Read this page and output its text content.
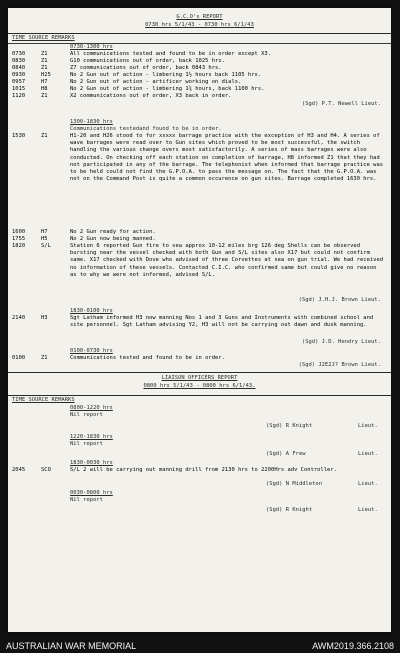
G.C.O's REPORT
0730 hrs 5/1/43 - 0730 hrs 6/1/43
TIME SOURCE REMARKS
0730-1300 hrs
0730	Z1	All communications tested and found to be in order except X3.
0830	Z1	G10 communications out of order, back 1025 hrs.
0840	Z1	Z7 communications out of order, back 0843 hrs.
0930	H25	No 2 Gun out of action - limbering 1½ hours back 1105 hrs.
0957	H7	No 2 Gun out of action - artificer working on dials.
1015	H8	No 2 Gun out of action - limbering 1¾ hours, back 1100 hrs.
1120	Z1	X2 communications out of order, X3 back in order.
(Sgd) P.T. Newell Lieut.
1300-1830 hrs
Communications testedand found to be in order.
1530	Z1	H1-20 and H26 stood to for xxxxx barrage practice with the exception of H3 and H4. A series of wave barrages were read over to Gun sites which proved to be most successful, the switch handling the various change overs most satisfactorily. A series of mass barrages were also conducted. On checking off each station on completion of barrage, H8 informed Z1 that they had not participated in any of the barrage. The telephonist when informed that barrage practice was to be held could not find the G.P.O.A. to pass the message on. The fact that the G.P.O.A. was not on the Command Post is quite a common occurence on gun sites. Barrage completed 1630 hrs.
1600	H7	No 2 Gun ready for action.
1755	H5	No 2 Gun now being manned.
1820	S/L	Station 6 reported Gun fire to sea approx 10-12 miles brg 126 deg Shells can be observed bursting near the vessel checked with both Gun and S/L sites also X17 but could not confirm same. X17 checked with Dove who advised of three Corvettes at sea on gun trial. We had received no information of these vessels. Contacted C.I.C. who confirmed same but could give no reason as to why we were not informed, advised S/L.
(Sgd) J.H.J. Brown Lieut.
1830-0100 hrs
2140	H3	Sgt Latham informed H3 now manning Nos 1 and 3 Guns and Instruments with combined school and site personnel. Sgt Latham advising Y2, H3 will not be carrying out dawn and dusk manning.
(Sgd) J.D. Hendry Lieut.
0100-0730 hrs
0100	Z1	Communications tested and found to be in order.
(Sgd) J2E2J? Brown Lieut.
LIAISON OFFICERS REPORT
0800 hrs 5/1/43 - 0800 hrs 6/1/43.
TIME SOURCE REMARKS
0800-1220 hrs
Nil report
(Sgd) R Knight	Lieut.
1220-1830 hrs
Nil report
(Sgd) A Frew	Lieut.
1830-0030 hrs
2045	SCO	S/L 2 will be carrying out manning drill from 2130 hrs to 2200Hrs adv Controller.
(Sgd) N Middleton	Lieut.
0030-0800 hrs
Nil report
(Sgd) R Knight	Lieut.
AUSTRALIAN WAR MEMORIAL	AWM2019.366.2108
